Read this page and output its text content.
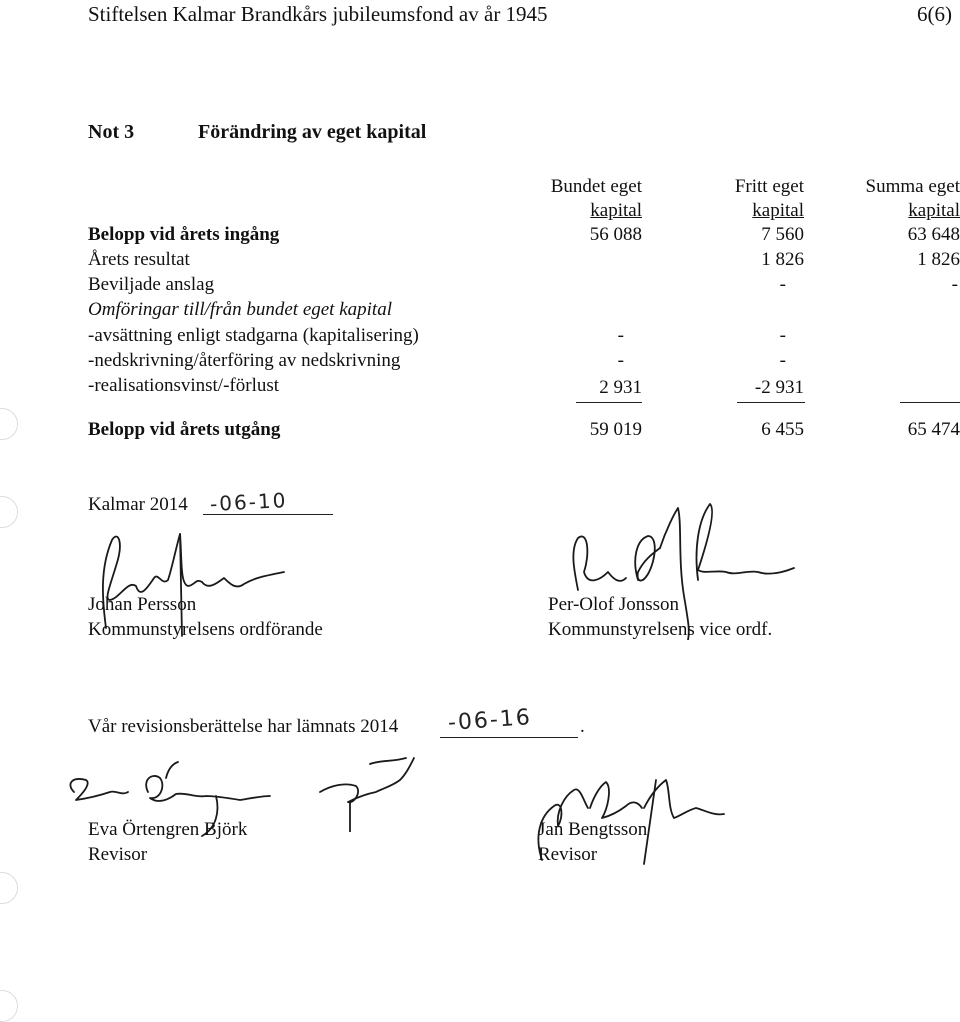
Stiftelsen Kalmar Brandkårs jubileumsfond av år 1945	6(6)
Not 3	Förändring av eget kapital
Bundet eget
kapital
Fritt eget
kapital
Summa eget
kapital
Belopp vid årets ingång
Årets resultat
Beviljade anslag
Omföringar till/från bundet eget kapital
-avsättning enligt stadgarna (kapitalisering)
-nedskrivning/återföring av nedskrivning
-realisationsvinst/-förlust
Belopp vid årets utgång
56 088
-
-
2 931
59 019
7 560
1 826
-
-
-
-2 931
6 455
63 648
1 826
-
65 474
Kalmar 2014 -06-10
Johan Persson
Kommunstyrelsens ordförande
Per-Olof Jonsson
Kommunstyrelsens vice ordf.
Vår revisionsberättelse har lämnats 2014 -06-16 .
Eva Örtengren Björk
Revisor
Jan Bengtsson
Revisor
